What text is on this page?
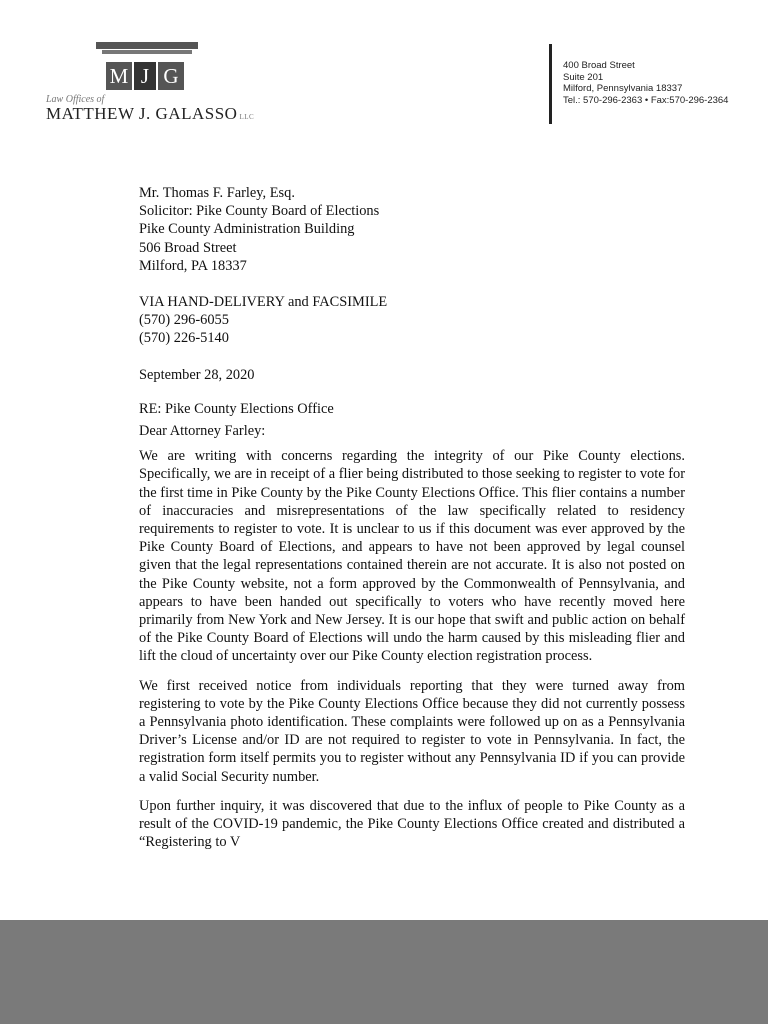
M J G
Law Offices of
MATTHEW J. GALASSO LLC
400 Broad Street
Suite 201
Milford, Pennsylvania 18337
Tel.: 570-296-2363 • Fax:570-296-2364
Mr. Thomas F. Farley, Esq.
Solicitor: Pike County Board of Elections
Pike County Administration Building
506 Broad Street
Milford, PA 18337
VIA HAND-DELIVERY and FACSIMILE
(570) 296-6055
(570) 226-5140
September 28, 2020
RE: Pike County Elections Office
Dear Attorney Farley:

We are writing with concerns regarding the integrity of our Pike County elections. Specifically, we are in receipt of a flier being distributed to those seeking to register to vote for the first time in Pike County by the Pike County Elections Office. This flier contains a number of inaccuracies and misrepresentations of the law specifically related to residency requirements to register to vote. It is unclear to us if this document was ever approved by the Pike County Board of Elections, and appears to have not been approved by legal counsel given that the legal representations contained therein are not accurate. It is also not posted on the Pike County website, not a form approved by the Commonwealth of Pennsylvania, and appears to have been handed out specifically to voters who have recently moved here primarily from New York and New Jersey. It is our hope that swift and public action on behalf of the Pike County Board of Elections will undo the harm caused by this misleading flier and lift the cloud of uncertainty over our Pike County election registration process.

We first received notice from individuals reporting that they were turned away from registering to vote by the Pike County Elections Office because they did not currently possess a Pennsylvania photo identification. These complaints were followed up on as a Pennsylvania Driver’s License and/or ID are not required to register to vote in Pennsylvania. In fact, the registration form itself permits you to register without any Pennsylvania ID if you can provide a valid Social Security number.

Upon further inquiry, it was discovered that due to the influx of people to Pike County as a result of the COVID-19 pandemic, the Pike County Elections Office created and distributed a “Registering to V
